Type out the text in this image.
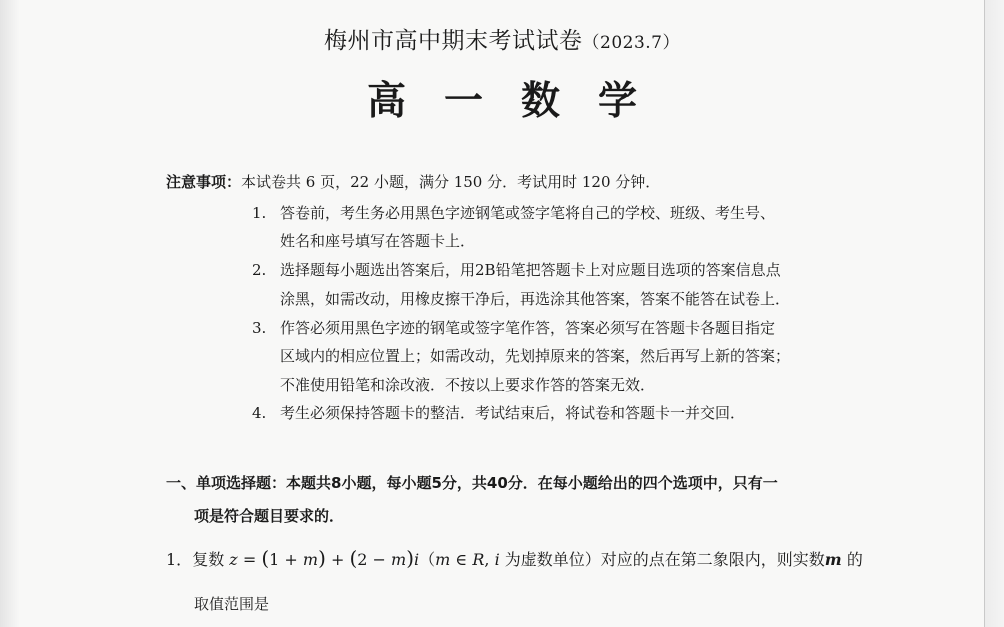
梅州市高中期末考试试卷（2023.7）
高一数学
注意事项：本试卷共 6 页，22 小题，满分 150 分．考试用时 120 分钟．
1. 答卷前，考生务必用黑色字迹钢笔或签字笔将自己的学校、班级、考生号、
姓名和座号填写在答题卡上．
2. 选择题每小题选出答案后，用2B铅笔把答题卡上对应题目选项的答案信息点
涂黑，如需改动，用橡皮擦干净后，再选涂其他答案，答案不能答在试卷上．
3. 作答必须用黑色字迹的钢笔或签字笔作答，答案必须写在答题卡各题目指定
区域内的相应位置上；如需改动，先划掉原来的答案，然后再写上新的答案；
不准使用铅笔和涂改液．不按以上要求作答的答案无效．
4. 考生必须保持答题卡的整洁．考试结束后，将试卷和答题卡一并交回．
一、单项选择题：本题共8小题，每小题5分，共40分．在每小题给出的四个选项中，只有一
项是符合题目要求的．
1．复数 z = (1 + m) + (2 − m)i（m ∈ R, i 为虚数单位）对应的点在第二象限内，则实数m 的
取值范围是
